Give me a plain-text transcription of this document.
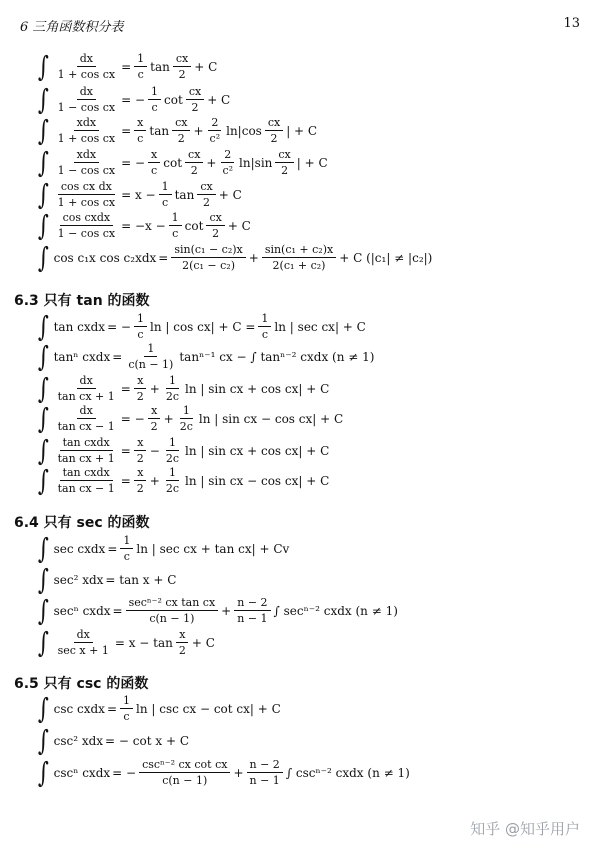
6 三角函数积分表	13
∫ $\frac{dx}{\text{1 + cos cx}} = \frac{1}{c}$ $\tan \frac{cx}{2} + C$
∫ $\frac{dx}{\text{1 − cos cx}}$ = − $\frac{1}{c}$ $\cot \frac{cx}{2} + C$
∫ $\frac{\text{xdx}}{\text{1 + cos cx}} = \frac{x}{c}$ $\tan \frac{cx}{2} + \frac{2}{\text{c²}} \ln|\cos \frac{cx}{2}$ | + C
∫ $\frac{\text{xdx}}{\text{1 − cos cx}}$ = − $\frac{x}{c}$ $\cot \frac{cx}{2} + \frac{2}{\text{c²}} \ln|\sin \frac{cx}{2}$ | + C
∫ $\frac{\text{cos cx dx}}{\text{1 + cos cx}} = x - \frac{1}{c}$ $\tan \frac{cx}{2} + C$
∫ $\frac{\text{cos cxdx}}{\text{1 − cos cx}} = -x - \frac{1}{c}$ $\cot \frac{cx}{2} + C$
∫ cos c₁x $\cos c_2xdx = \frac{\text{sin(c₁ − c₂)x}}{\text{2(c₁ − c₂)}} + \frac{\text{sin(c₁ + c₂)x}}{\text{2(c₁ + c₂)}} + C$ (|c₁| ≠ |c₂|)
∫ tan cxdx = − $\frac{1}{c}$ ln | $\cos cx| + C = \frac{1}{c}$ ln | sec cx| + C
∫ tanⁿ cxdx = $\frac{1}{c(n - 1)} \tan^{n-1}$ cx − ∫ tanⁿ⁻² cxdx (n ≠ 1)
∫ $\frac{dx}{\text{tan cx + 1}} = \frac{x}{2} + \frac{1}{2c}$ ln | sin cx + cos cx| + C
∫ $\frac{dx}{\text{tan cx − 1}}$ = − $\frac{x}{2} + \frac{1}{2c}$ ln | sin cx − cos cx| + C
∫ $\frac{\text{tan cxdx}}{\text{tan cx + 1}} = \frac{x}{2} - \frac{1}{2c}$ ln | sin cx + cos cx| + C
∫ $\frac{\text{tan cxdx}}{\text{tan cx − 1}} = \frac{x}{2} + \frac{1}{2c}$ ln | sin cx − cos cx| + C
∫ sec cxdx = $\frac{1}{c}$ ln | sec cx + tan cx| + Cv
∫ sec² xdx = tan x + C
∫ secⁿ cxdx = $\frac{\text{secⁿ⁻² cx tan cx}}{c(n - 1)} + \frac{n - 2}{n - 1}$ ∫ secⁿ⁻² cxdx (n ≠ 1)
∫ $\frac{dx}{\text{sec x + 1}} = x - \tan \frac{x}{2} + C$
∫ csc cxdx = $\frac{1}{c}$ ln | csc cx − cot cx| + C
∫ csc² xdx = − cot x + C
∫ cscⁿ cxdx = − $\frac{\text{cscⁿ⁻² cx cot cx}}{c(n - 1)} + \frac{n - 2}{n - 1}$ ∫ cscⁿ⁻² cxdx (n ≠ 1)
6.3 只有 tan 的函数
6.4 只有 sec 的函数
6.5 只有 csc 的函数
知乎 @知乎用户
